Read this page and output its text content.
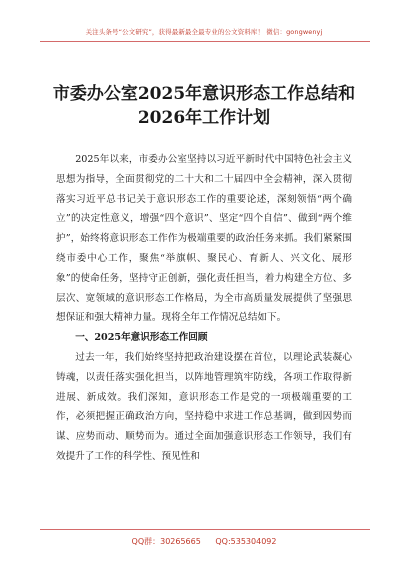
关注头条号“公文研究”，获得最新最全最专业的公文资料库！ 微信：gongwenyj
市委办公室2025年意识形态工作总结和
2026年工作计划

2025年以来，市委办公室坚持以习近平新时代中国特色社会主义思想为指导，全面贯彻党的二十大和二十届四中全会精神，深入贯彻落实习近平总书记关于意识形态工作的重要论述，深刻领悟“两个确立”的决定性意义，增强“四个意识”、坚定“四个自信”、做到“两个维护”，始终将意识形态工作作为极端重要的政治任务来抓。我们紧紧围绕市委中心工作，聚焦“举旗帜、聚民心、育新人、兴文化、展形象”的使命任务，坚持守正创新，强化责任担当，着力构建全方位、多层次、宽领域的意识形态工作格局，为全市高质量发展提供了坚强思想保证和强大精神力量。现将全年工作情况总结如下。

一、2025年意识形态工作回顾

过去一年，我们始终坚持把政治建设摆在首位，以理论武装凝心铸魂，以责任落实强化担当，以阵地管理筑牢防线，各项工作取得新进展、新成效。我们深知，意识形态工作是党的一项极端重要的工作，必须把握正确政治方向，坚持稳中求进工作总基调，做到因势而谋、应势而动、顺势而为。通过全面加强意识形态工作领导，我们有效提升了工作的科学性、预见性和

QQ群：30265665 QQ:535304092
